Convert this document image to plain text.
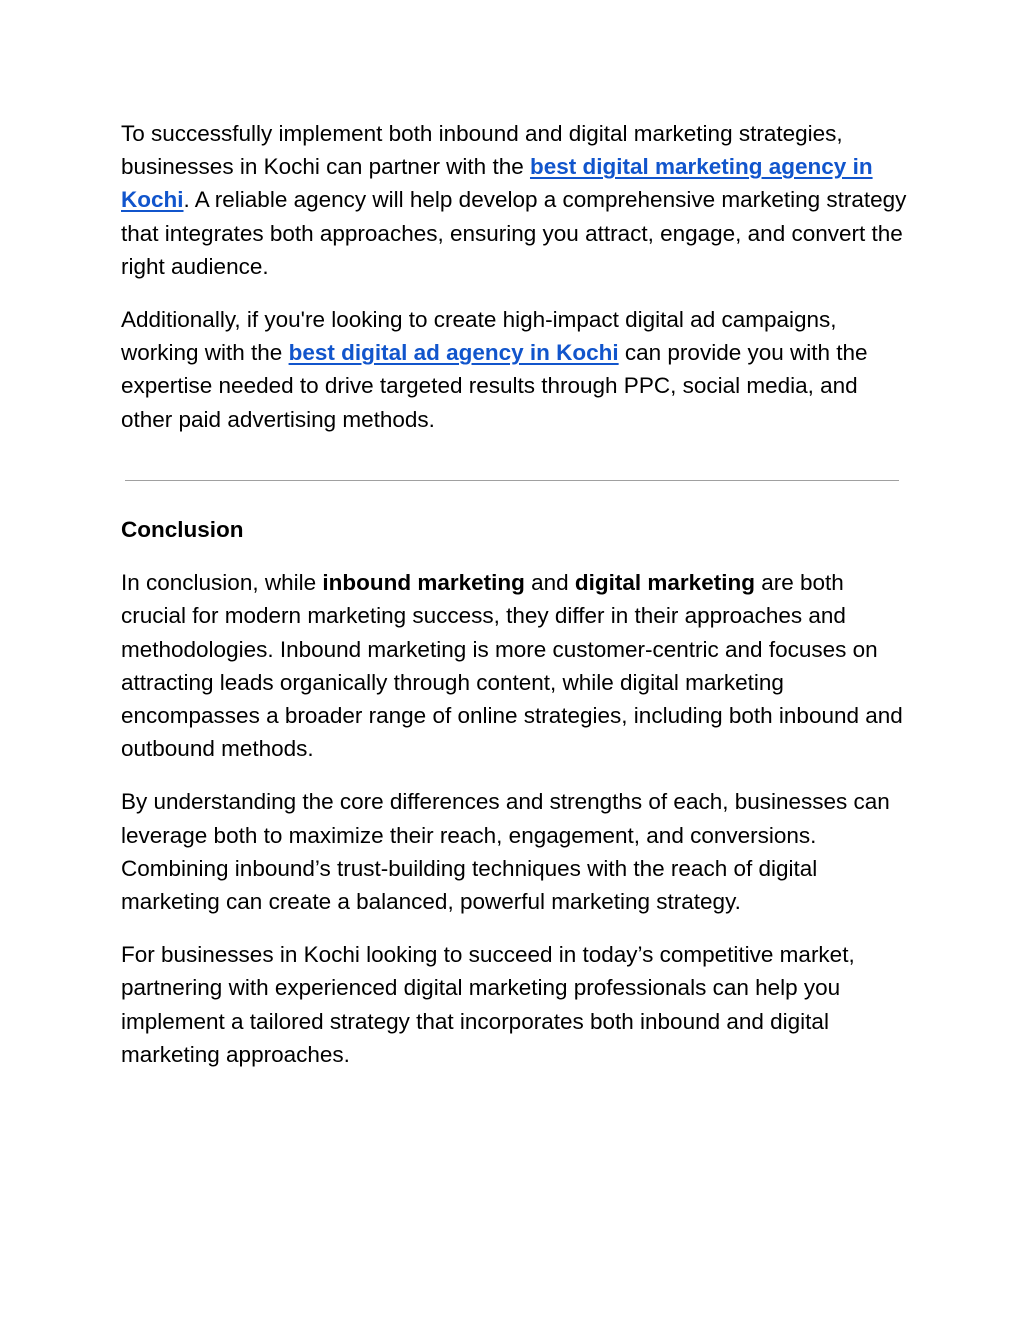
To successfully implement both inbound and digital marketing strategies, businesses in Kochi can partner with the best digital marketing agency in Kochi. A reliable agency will help develop a comprehensive marketing strategy that integrates both approaches, ensuring you attract, engage, and convert the right audience.

Additionally, if you're looking to create high-impact digital ad campaigns, working with the best digital ad agency in Kochi can provide you with the expertise needed to drive targeted results through PPC, social media, and other paid advertising methods.

Conclusion

In conclusion, while inbound marketing and digital marketing are both crucial for modern marketing success, they differ in their approaches and methodologies. Inbound marketing is more customer-centric and focuses on attracting leads organically through content, while digital marketing encompasses a broader range of online strategies, including both inbound and outbound methods.

By understanding the core differences and strengths of each, businesses can leverage both to maximize their reach, engagement, and conversions. Combining inbound’s trust-building techniques with the reach of digital marketing can create a balanced, powerful marketing strategy.

For businesses in Kochi looking to succeed in today’s competitive market, partnering with experienced digital marketing professionals can help you implement a tailored strategy that incorporates both inbound and digital marketing approaches.
